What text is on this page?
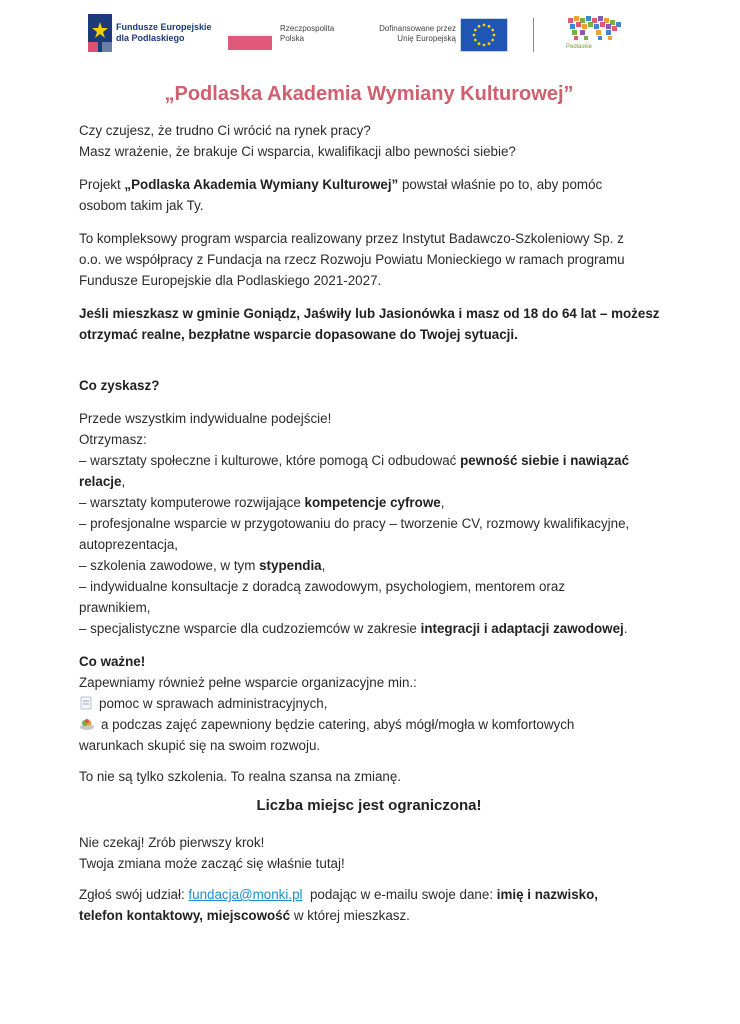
Fundusze Europejskie
dla Podlaskiego
Rzeczpospolita
Polska
Dofinansowane przez
Unię Europejską
Podlaskie
„Podlaska Akademia Wymiany Kulturowej”
Czy czujesz, że trudno Ci wrócić na rynek pracy?
Masz wrażenie, że brakuje Ci wsparcia, kwalifikacji albo pewności siebie?
Projekt „Podlaska Akademia Wymiany Kulturowej” powstał właśnie po to, aby pomóc
osobom takim jak Ty.
To kompleksowy program wsparcia realizowany przez Instytut Badawczo-Szkoleniowy Sp. z
o.o. we współpracy z Fundacja na rzecz Rozwoju Powiatu Monieckiego w ramach programu
Fundusze Europejskie dla Podlaskiego 2021-2027.
Jeśli mieszkasz w gminie Goniądz, Jaświły lub Jasionówka i masz od 18 do 64 lat – możesz
otrzymać realne, bezpłatne wsparcie dopasowane do Twojej sytuacji.
Co zyskasz?
Przede wszystkim indywidualne podejście!
Otrzymasz:
– warsztaty społeczne i kulturowe, które pomogą Ci odbudować pewność siebie i nawiązać
relacje,
– warsztaty komputerowe rozwijające kompetencje cyfrowe,
– profesjonalne wsparcie w przygotowaniu do pracy – tworzenie CV, rozmowy kwalifikacyjne,
autoprezentacja,
– szkolenia zawodowe, w tym stypendia,
– indywidualne konsultacje z doradcą zawodowym, psychologiem, mentorem oraz
prawnikiem,
– specjalistyczne wsparcie dla cudzoziemców w zakresie integracji i adaptacji zawodowej.
Co ważne!
Zapewniamy również pełne wsparcie organizacyjne min.:
pomoc w sprawach administracyjnych,
a podczas zajęć zapewniony będzie catering, abyś mógł/mogła w komfortowych
warunkach skupić się na swoim rozwoju.
To nie są tylko szkolenia. To realna szansa na zmianę.
Liczba miejsc jest ograniczona!
Nie czekaj! Zrób pierwszy krok!
Twoja zmiana może zacząć się właśnie tutaj!
Zgłoś swój udział: fundacja@monki.pl  podając w e-mailu swoje dane: imię i nazwisko,
telefon kontaktowy, miejscowość w której mieszkasz.
